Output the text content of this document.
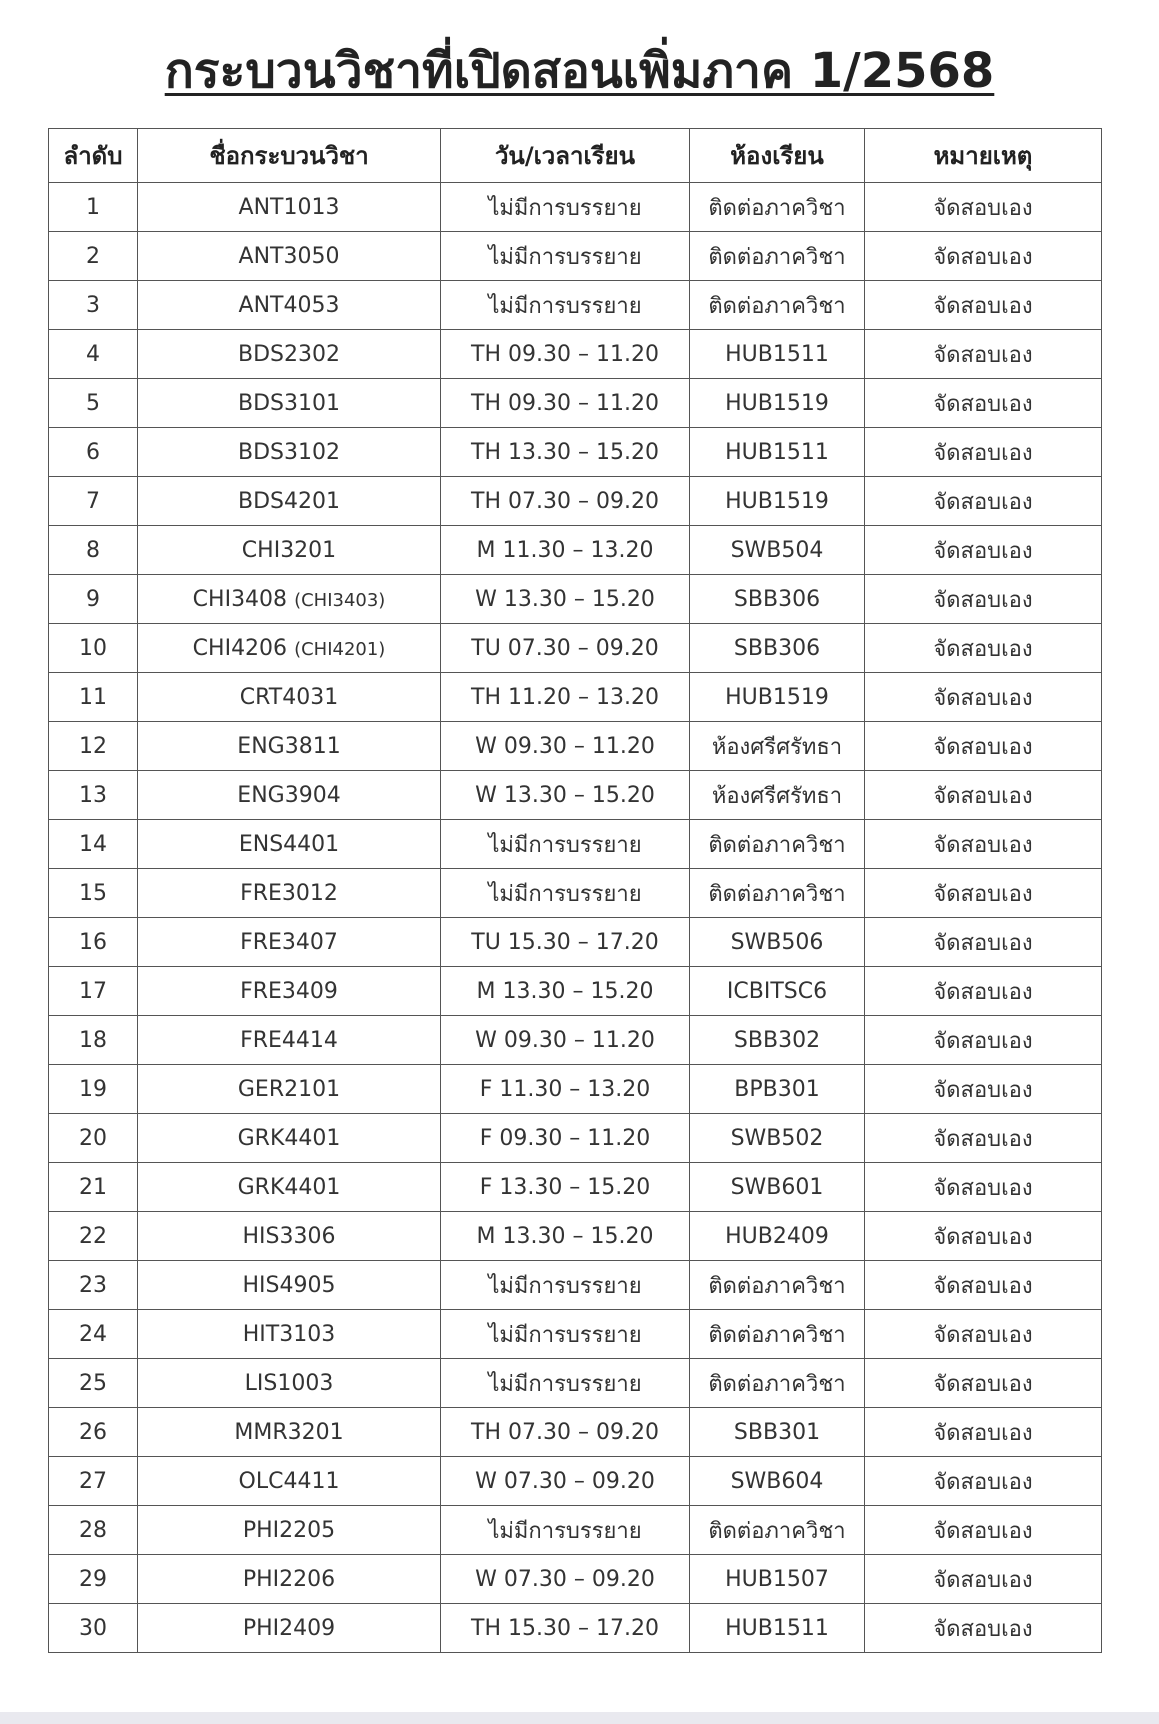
กระบวนวิชาที่เปิดสอนเพิ่มภาค 1/2568
ลำดับ	ชื่อกระบวนวิชา	วัน/เวลาเรียน	ห้องเรียน	หมายเหตุ
1	ANT1013	ไม่มีการบรรยาย	ติดต่อภาควิชา	จัดสอบเอง
2	ANT3050	ไม่มีการบรรยาย	ติดต่อภาควิชา	จัดสอบเอง
3	ANT4053	ไม่มีการบรรยาย	ติดต่อภาควิชา	จัดสอบเอง
4	BDS2302	TH 09.30 – 11.20	HUB1511	จัดสอบเอง
5	BDS3101	TH 09.30 – 11.20	HUB1519	จัดสอบเอง
6	BDS3102	TH 13.30 – 15.20	HUB1511	จัดสอบเอง
7	BDS4201	TH 07.30 – 09.20	HUB1519	จัดสอบเอง
8	CHI3201	M 11.30 – 13.20	SWB504	จัดสอบเอง
9	CHI3408 (CHI3403)	W 13.30 – 15.20	SBB306	จัดสอบเอง
10	CHI4206 (CHI4201)	TU 07.30 – 09.20	SBB306	จัดสอบเอง
11	CRT4031	TH 11.20 – 13.20	HUB1519	จัดสอบเอง
12	ENG3811	W 09.30 – 11.20	ห้องศรีศรัทธา	จัดสอบเอง
13	ENG3904	W 13.30 – 15.20	ห้องศรีศรัทธา	จัดสอบเอง
14	ENS4401	ไม่มีการบรรยาย	ติดต่อภาควิชา	จัดสอบเอง
15	FRE3012	ไม่มีการบรรยาย	ติดต่อภาควิชา	จัดสอบเอง
16	FRE3407	TU 15.30 – 17.20	SWB506	จัดสอบเอง
17	FRE3409	M 13.30 – 15.20	ICBITSC6	จัดสอบเอง
18	FRE4414	W 09.30 – 11.20	SBB302	จัดสอบเอง
19	GER2101	F 11.30 – 13.20	BPB301	จัดสอบเอง
20	GRK4401	F 09.30 – 11.20	SWB502	จัดสอบเอง
21	GRK4401	F 13.30 – 15.20	SWB601	จัดสอบเอง
22	HIS3306	M 13.30 – 15.20	HUB2409	จัดสอบเอง
23	HIS4905	ไม่มีการบรรยาย	ติดต่อภาควิชา	จัดสอบเอง
24	HIT3103	ไม่มีการบรรยาย	ติดต่อภาควิชา	จัดสอบเอง
25	LIS1003	ไม่มีการบรรยาย	ติดต่อภาควิชา	จัดสอบเอง
26	MMR3201	TH 07.30 – 09.20	SBB301	จัดสอบเอง
27	OLC4411	W 07.30 – 09.20	SWB604	จัดสอบเอง
28	PHI2205	ไม่มีการบรรยาย	ติดต่อภาควิชา	จัดสอบเอง
29	PHI2206	W 07.30 – 09.20	HUB1507	จัดสอบเอง
30	PHI2409	TH 15.30 – 17.20	HUB1511	จัดสอบเอง
